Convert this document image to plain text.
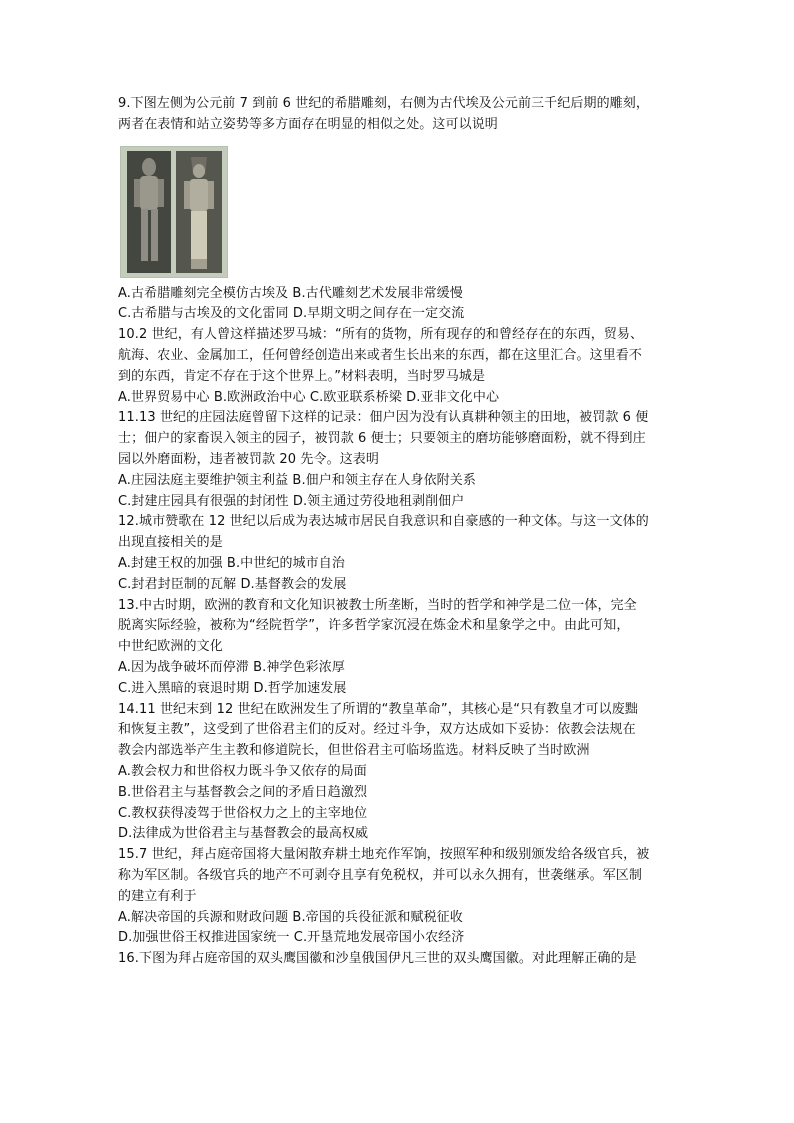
9.下图左侧为公元前 7 到前 6 世纪的希腊雕刻，右侧为古代埃及公元前三千纪后期的雕刻，
两者在表情和站立姿势等多方面存在明显的相似之处。这可以说明
A.古希腊雕刻完全模仿古埃及 B.古代雕刻艺术发展非常缓慢
C.古希腊与古埃及的文化雷同 D.早期文明之间存在一定交流
10.2 世纪，有人曾这样描述罗马城：“所有的货物，所有现存的和曾经存在的东西，贸易、
航海、农业、金属加工，任何曾经创造出来或者生长出来的东西，都在这里汇合。这里看不
到的东西，肯定不存在于这个世界上。”材料表明，当时罗马城是
A.世界贸易中心 B.欧洲政治中心 C.欧亚联系桥梁 D.亚非文化中心
11.13 世纪的庄园法庭曾留下这样的记录：佃户因为没有认真耕种领主的田地，被罚款 6 便
士；佃户的家畜误入领主的园子，被罚款 6 便士；只要领主的磨坊能够磨面粉，就不得到庄
园以外磨面粉，违者被罚款 20 先令。这表明
A.庄园法庭主要维护领主利益 B.佃户和领主存在人身依附关系
C.封建庄园具有很强的封闭性 D.领主通过劳役地租剥削佃户
12.城市赞歌在 12 世纪以后成为表达城市居民自我意识和自豪感的一种文体。与这一文体的
出现直接相关的是
A.封建王权的加强 B.中世纪的城市自治
C.封君封臣制的瓦解 D.基督教会的发展
13.中古时期，欧洲的教育和文化知识被教士所垄断，当时的哲学和神学是二位一体，完全
脱离实际经验，被称为“经院哲学”，许多哲学家沉浸在炼金术和星象学之中。由此可知，
中世纪欧洲的文化
A.因为战争破坏而停滞 B.神学色彩浓厚
C.进入黑暗的衰退时期 D.哲学加速发展
14.11 世纪末到 12 世纪在欧洲发生了所谓的“教皇革命”，其核心是“只有教皇才可以废黜
和恢复主教”，这受到了世俗君主们的反对。经过斗争，双方达成如下妥协：依教会法规在
教会内部选举产生主教和修道院长，但世俗君主可临场监选。材料反映了当时欧洲
A.教会权力和世俗权力既斗争又依存的局面
B.世俗君主与基督教会之间的矛盾日趋激烈
C.教权获得凌驾于世俗权力之上的主宰地位
D.法律成为世俗君主与基督教会的最高权威
15.7 世纪，拜占庭帝国将大量闲散弃耕土地充作军饷，按照军种和级别颁发给各级官兵，被
称为军区制。各级官兵的地产不可剥夺且享有免税权，并可以永久拥有，世袭继承。军区制
的建立有利于
A.解决帝国的兵源和财政问题 B.帝国的兵役征派和赋税征收
D.加强世俗王权推进国家统一 C.开垦荒地发展帝国小农经济
16.下图为拜占庭帝国的双头鹰国徽和沙皇俄国伊凡三世的双头鹰国徽。对此理解正确的是
